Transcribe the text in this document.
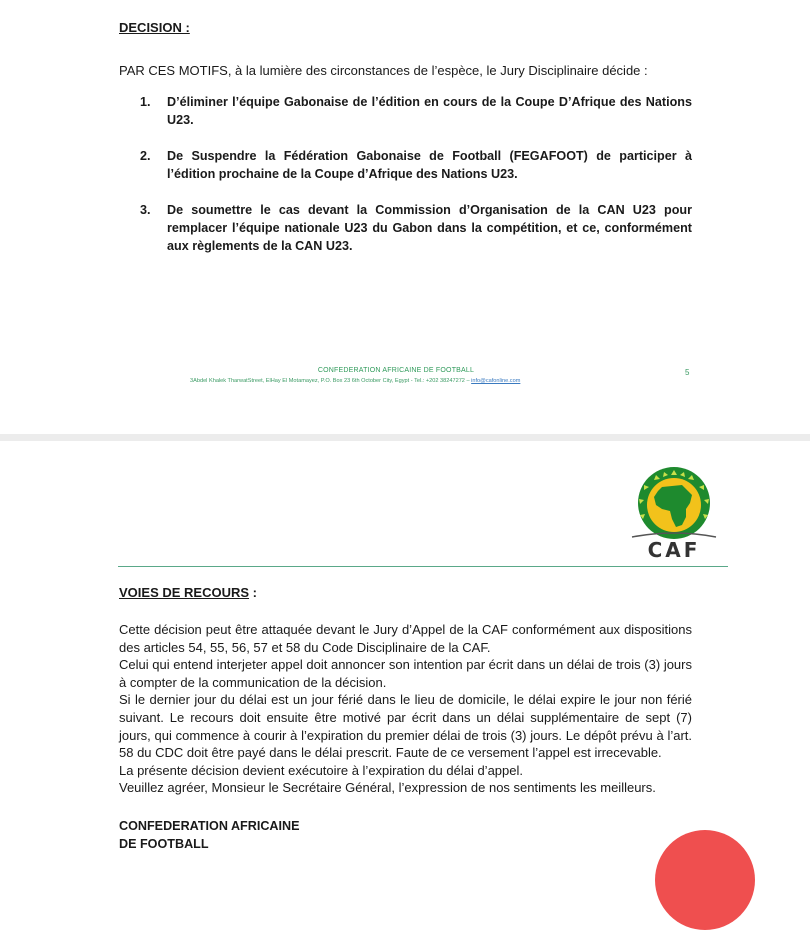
DECISION :
PAR CES MOTIFS, à la lumière des circonstances de l’espèce, le Jury Disciplinaire décide :
1. D’éliminer l’équipe Gabonaise de l’édition en cours de la Coupe D’Afrique des Nations U23.
2. De Suspendre la Fédération Gabonaise de Football (FEGAFOOT) de participer à l’édition prochaine de la Coupe d’Afrique des Nations U23.
3. De soumettre le cas devant la Commission d’Organisation de la CAN U23 pour remplacer l’équipe nationale U23 du Gabon dans la compétition, et ce, conformément aux règlements de la CAN U23.
CONFEDERATION AFRICAINE DE FOOTBALL
3Abdel Khalek TharwatStreet, ElHay El Motamayez, P.O. Box 23 6th October City, Egypt - Tel.: +202 38247272 – info@cafonline.com
5
CAF
VOIES DE RECOURS :

Cette décision peut être attaquée devant le Jury d’Appel de la CAF conformément aux dispositions des articles 54, 55, 56, 57 et 58 du Code Disciplinaire de la CAF.

Celui qui entend interjeter appel doit annoncer son intention par écrit dans un délai de trois (3) jours à compter de la communication de la décision.

Si le dernier jour du délai est un jour férié dans le lieu de domicile, le délai expire le jour non férié suivant. Le recours doit ensuite être motivé par écrit dans un délai supplémentaire de sept (7) jours, qui commence à courir à l’expiration du premier délai de trois (3) jours. Le dépôt prévu à l’art. 58 du CDC doit être payé dans le délai prescrit. Faute de ce versement l’appel est irrecevable.

La présente décision devient exécutoire à l’expiration du délai d’appel.

Veuillez agréer, Monsieur le Secrétaire Général, l’expression de nos sentiments les meilleurs.

CONFEDERATION AFRICAINE
DE FOOTBALL
